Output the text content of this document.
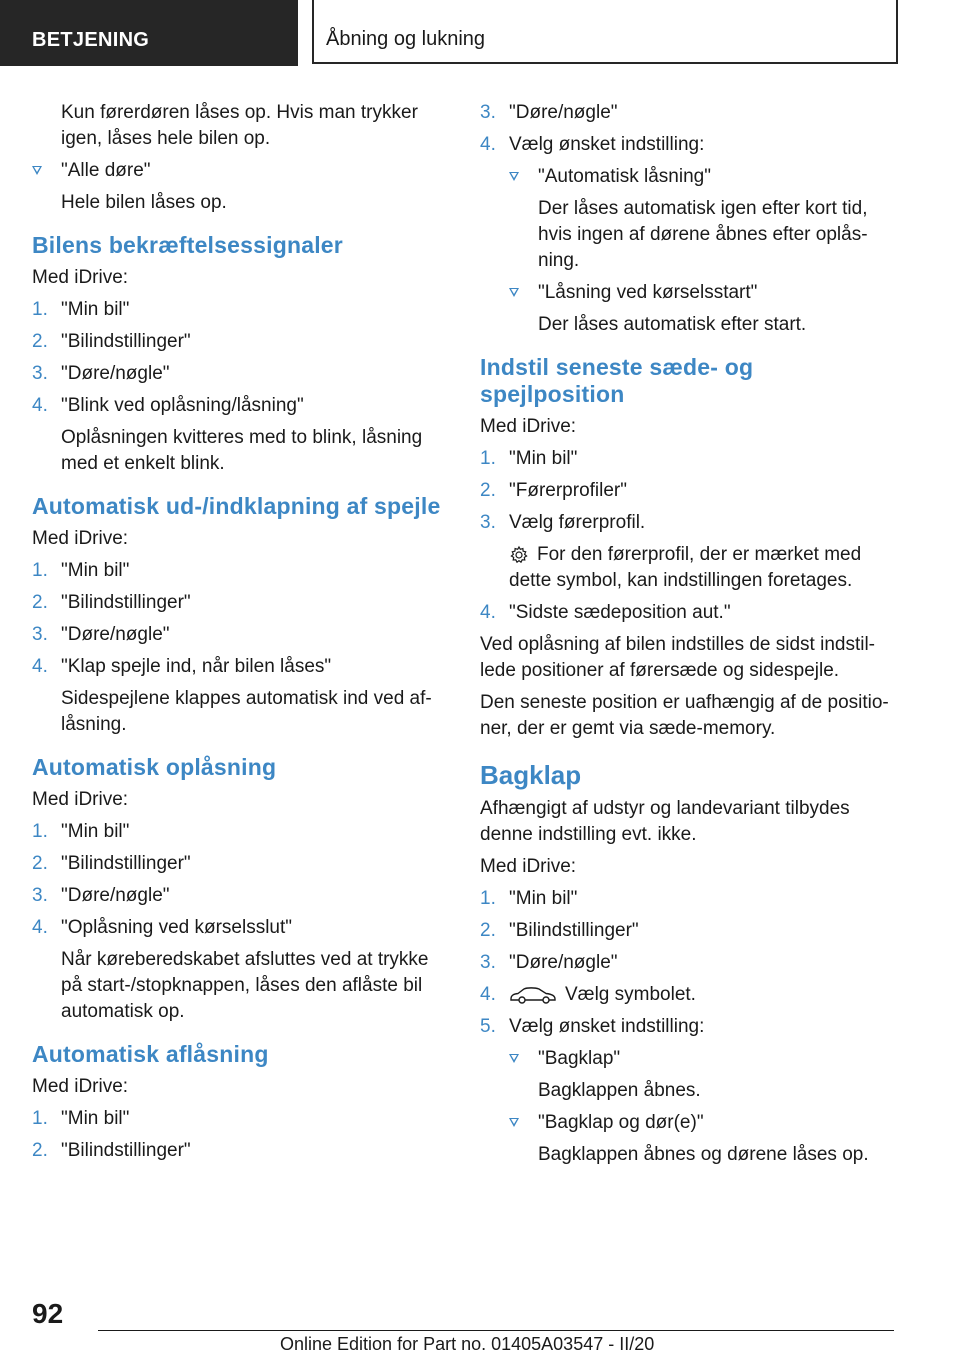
BETJENING	Åbning og lukning
Kun førerdøren låses op. Hvis man trykker igen, låses hele bilen op.
"Alle døre"
Hele bilen låses op.
Bilens bekræftelsessignaler
Med iDrive:
1. "Min bil"
2. "Bilindstillinger"
3. "Døre/nøgle"
4. "Blink ved oplåsning/låsning"
Oplåsningen kvitteres med to blink, låsning med et enkelt blink.
Automatisk ud-/indklapning af spejle
Med iDrive:
1. "Min bil"
2. "Bilindstillinger"
3. "Døre/nøgle"
4. "Klap spejle ind, når bilen låses"
Sidespejlene klappes automatisk ind ved af-låsning.
Automatisk oplåsning
Med iDrive:
1. "Min bil"
2. "Bilindstillinger"
3. "Døre/nøgle"
4. "Oplåsning ved kørselsslut"
Når køreberedskabet afsluttes ved at trykke på start-/stopknappen, låses den aflåste bil automatisk op.
Automatisk aflåsning
Med iDrive:
1. "Min bil"
2. "Bilindstillinger"
3. "Døre/nøgle"
4. Vælg ønsket indstilling:
"Automatisk låsning"
Der låses automatisk igen efter kort tid, hvis ingen af dørene åbnes efter oplås-ning.
"Låsning ved kørselsstart"
Der låses automatisk efter start.
Indstil seneste sæde- og spejlposition
Med iDrive:
1. "Min bil"
2. "Førerprofiler"
3. Vælg førerprofil.
For den førerprofil, der er mærket med dette symbol, kan indstillingen foretages.
4. "Sidste sædeposition aut."
Ved oplåsning af bilen indstilles de sidst indstil-lede positioner af førersæde og sidespejle.
Den seneste position er uafhængig af de positio-ner, der er gemt via sæde-memory.
Bagklap
Afhængigt af udstyr og landevariant tilbydes denne indstilling evt. ikke.
Med iDrive:
1. "Min bil"
2. "Bilindstillinger"
3. "Døre/nøgle"
4.	Vælg symbolet.
5. Vælg ønsket indstilling:
"Bagklap"
Bagklappen åbnes.
"Bagklap og dør(e)"
Bagklappen åbnes og dørene låses op.
92
Online Edition for Part no. 01405A03547 - II/20
